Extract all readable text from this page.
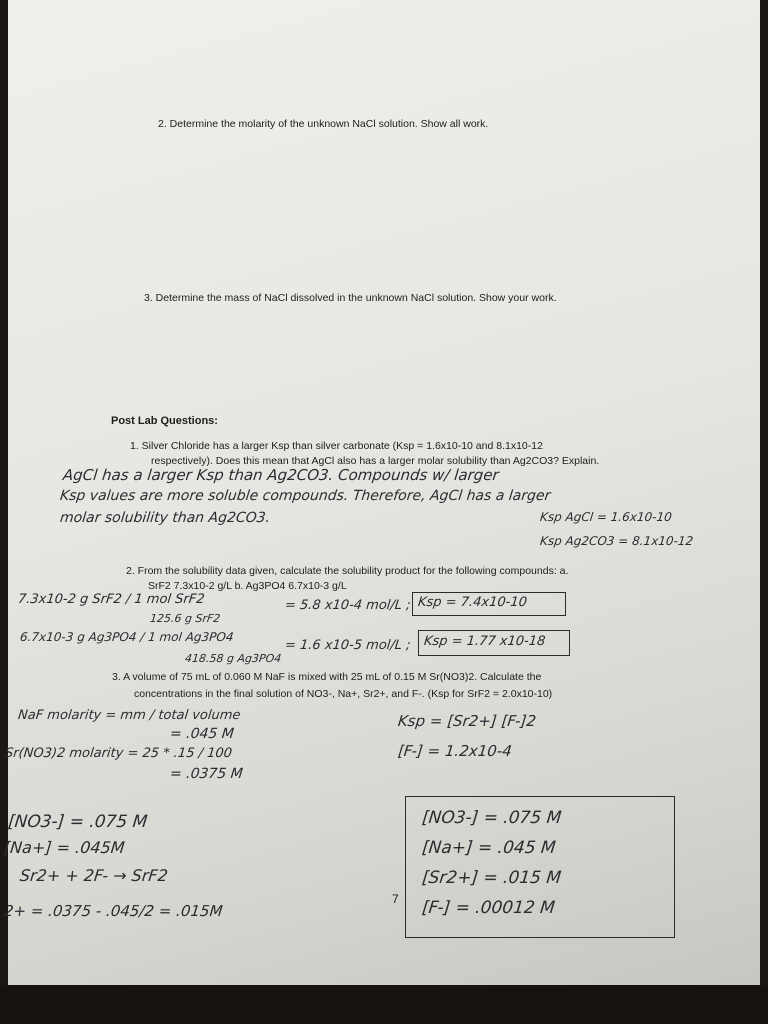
2. Determine the molarity of the unknown NaCl solution. Show all work.
3. Determine the mass of NaCl dissolved in the unknown NaCl solution. Show your work.
Post Lab Questions:
1. Silver Chloride has a larger Ksp than silver carbonate (Ksp = 1.6x10-10 and 8.1x10-12
respectively). Does this mean that AgCl also has a larger molar solubility than Ag2CO3? Explain.
2. From the solubility data given, calculate the solubility product for the following compounds: a.
SrF2 7.3x10-2 g/L b. Ag3PO4 6.7x10-3 g/L
3. A volume of 75 mL of 0.060 M NaF is mixed with 25 mL of 0.15 M Sr(NO3)2. Calculate the
concentrations in the final solution of NO3-, Na+, Sr2+, and F-. (Ksp for SrF2 = 2.0x10-10)
7
AgCl has a larger Ksp than Ag2CO3. Compounds w/ larger
Ksp values are more soluble compounds. Therefore, AgCl has a larger
molar solubility than Ag2CO3.	Ksp AgCl = 1.6x10-10
Ksp Ag2CO3 = 8.1x10-12
7.3x10-2 g SrF2 / 1 mol SrF2	= 5.8 x10-4 mol/L ; Ksp = 7.4x10-10
125.6 g SrF2
6.7x10-3 g Ag3PO4 / 1 mol Ag3PO4
= 1.6 x10-5 mol/L ; Ksp = 1.77 x10-18
418.58 g Ag3PO4
NaF molarity = mm / total volume
= .045 M
Sr(NO3)2 molarity = 25 * .15 / 100
= .0375 M
Ksp = [Sr2+] [F-]2
[F-] = 1.2x10-4
[NO3-] = .075 M
[Na+] = .045M
Sr2+ + 2F- → SrF2
2+ = .0375 - .045/2 = .015M
[NO3-] = .075 M
[Na+] = .045 M
[Sr2+] = .015 M
[F-] = .00012 M
